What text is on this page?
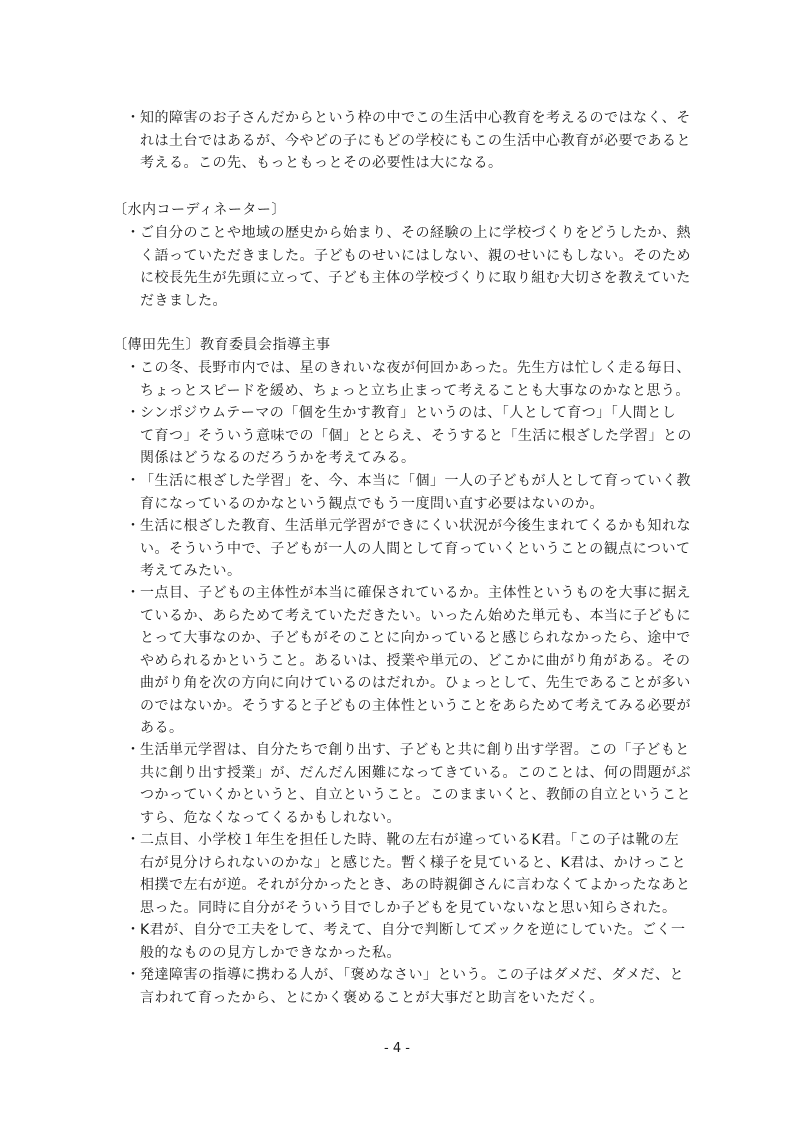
・ 知的障害のお子さんだからという枠の中でこの生活中心教育を考えるのではなく、そ
れは土台ではあるが、今やどの子にもどの学校にもこの生活中心教育が必要であると
考える。この先、もっともっとその必要性は大になる。
〔水内コーディネーター〕
・ ご自分のことや地域の歴史から始まり、その経験の上に学校づくりをどうしたか、熱
く語っていただきました。子どものせいにはしない、親のせいにもしない。そのため
に校長先生が先頭に立って、子ども主体の学校づくりに取り組む大切さを教えていた
だきました。
〔傳田先生〕教育委員会指導主事
・ この冬、長野市内では、星のきれいな夜が何回かあった。先生方は忙しく走る毎日、
ちょっとスピードを緩め、ちょっと立ち止まって考えることも大事なのかなと思う。
・ シンポジウムテーマの「個を生かす教育」というのは、「人として育つ」「人間とし
て育つ」そういう意味での「個」ととらえ、そうすると「生活に根ざした学習」との
関係はどうなるのだろうかを考えてみる。
・ 「生活に根ざした学習」を、今、本当に「個」一人の子どもが人として育っていく教
育になっているのかなという観点でもう一度問い直す必要はないのか。
・ 生活に根ざした教育、生活単元学習ができにくい状況が今後生まれてくるかも知れな
い。そういう中で、子どもが一人の人間として育っていくということの観点について
考えてみたい。
・ 一点目、子どもの主体性が本当に確保されているか。主体性というものを大事に据え
ているか、あらためて考えていただきたい。いったん始めた単元も、本当に子どもに
とって大事なのか、子どもがそのことに向かっていると感じられなかったら、途中で
やめられるかということ。あるいは、授業や単元の、どこかに曲がり角がある。その
曲がり角を次の方向に向けているのはだれか。ひょっとして、先生であることが多い
のではないか。そうすると子どもの主体性ということをあらためて考えてみる必要が
ある。
・ 生活単元学習は、自分たちで創り出す、子どもと共に創り出す学習。この「子どもと
共に創り出す授業」が、だんだん困難になってきている。このことは、何の問題がぶ
つかっていくかというと、自立ということ。このままいくと、教師の自立ということ
すら、危なくなってくるかもしれない。
・ 二点目、小学校１年生を担任した時、靴の左右が違っているK君。「この子は靴の左
右が見分けられないのかな」と感じた。暫く様子を見ていると、K君は、かけっこと
相撲で左右が逆。それが分かったとき、あの時親御さんに言わなくてよかったなあと
思った。同時に自分がそういう目でしか子どもを見ていないなと思い知らされた。
・ K君が、自分で工夫をして、考えて、自分で判断してズックを逆にしていた。ごく一
般的なものの見方しかできなかった私。
・ 発達障害の指導に携わる人が、「褒めなさい」という。この子はダメだ、ダメだ、と
言われて育ったから、とにかく褒めることが大事だと助言をいただく。
- 4 -
